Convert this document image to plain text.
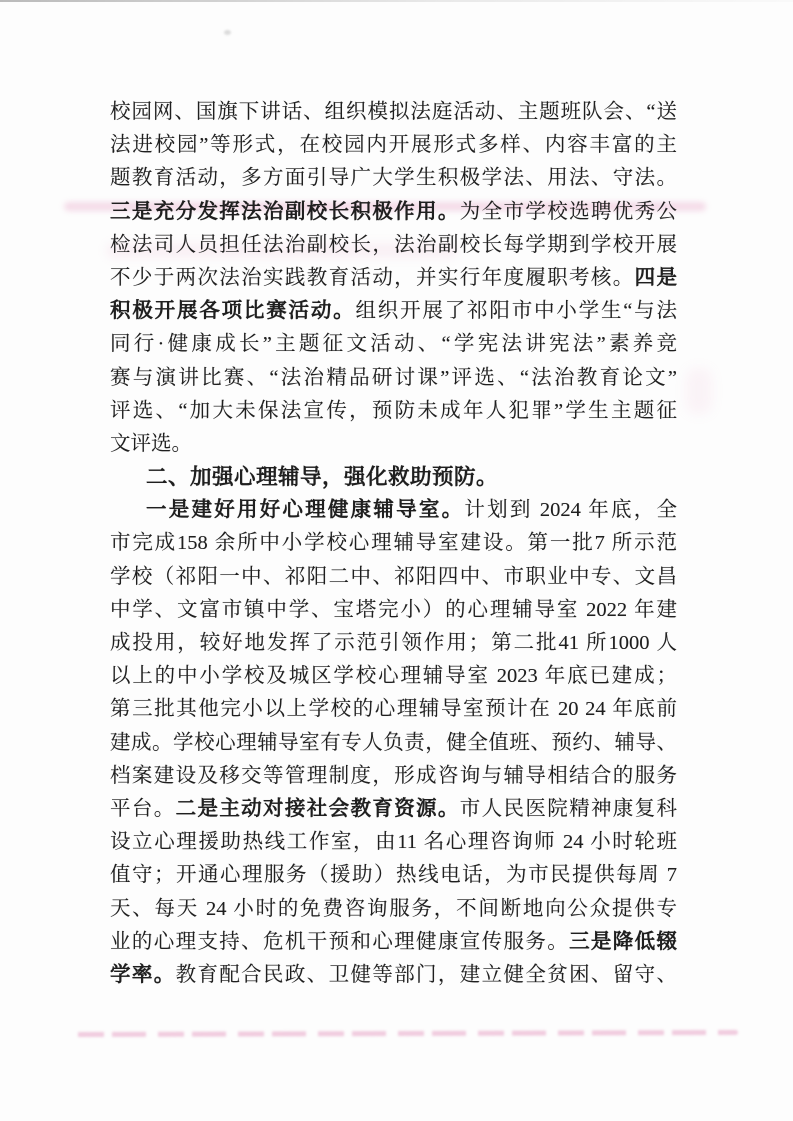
校园网、国旗下讲话、组织模拟法庭活动、主题班队会、“送
法进校园”等形式，在校园内开展形式多样、内容丰富的主
题教育活动，多方面引导广大学生积极学法、用法、守法。
三是充分发挥法治副校长积极作用。为全市学校选聘优秀公
检法司人员担任法治副校长，法治副校长每学期到学校开展
不少于两次法治实践教育活动，并实行年度履职考核。四是
积极开展各项比赛活动。组织开展了祁阳市中小学生“与法
同行·健康成长”主题征文活动、“学宪法讲宪法”素养竞
赛与演讲比赛、“法治精品研讨课”评选、“法治教育论文”
评选、“加大未保法宣传，预防未成年人犯罪”学生主题征
文评选。
二、加强心理辅导，强化救助预防。
一是建好用好心理健康辅导室。计划到 2024 年底，全
市完成158 余所中小学校心理辅导室建设。第一批7 所示范
学校（祁阳一中、祁阳二中、祁阳四中、市职业中专、文昌
中学、文富市镇中学、宝塔完小）的心理辅导室 2022 年建
成投用，较好地发挥了示范引领作用；第二批41 所1000 人
以上的中小学校及城区学校心理辅导室 2023 年底已建成；
第三批其他完小以上学校的心理辅导室预计在 20 24 年底前
建成。学校心理辅导室有专人负责，健全值班、预约、辅导、
档案建设及移交等管理制度，形成咨询与辅导相结合的服务
平台。二是主动对接社会教育资源。市人民医院精神康复科
设立心理援助热线工作室，由11 名心理咨询师 24 小时轮班
值守；开通心理服务（援助）热线电话，为市民提供每周 7
天、每天 24 小时的免费咨询服务，不间断地向公众提供专
业的心理支持、危机干预和心理健康宣传服务。三是降低辍
学率。教育配合民政、卫健等部门，建立健全贫困、留守、
